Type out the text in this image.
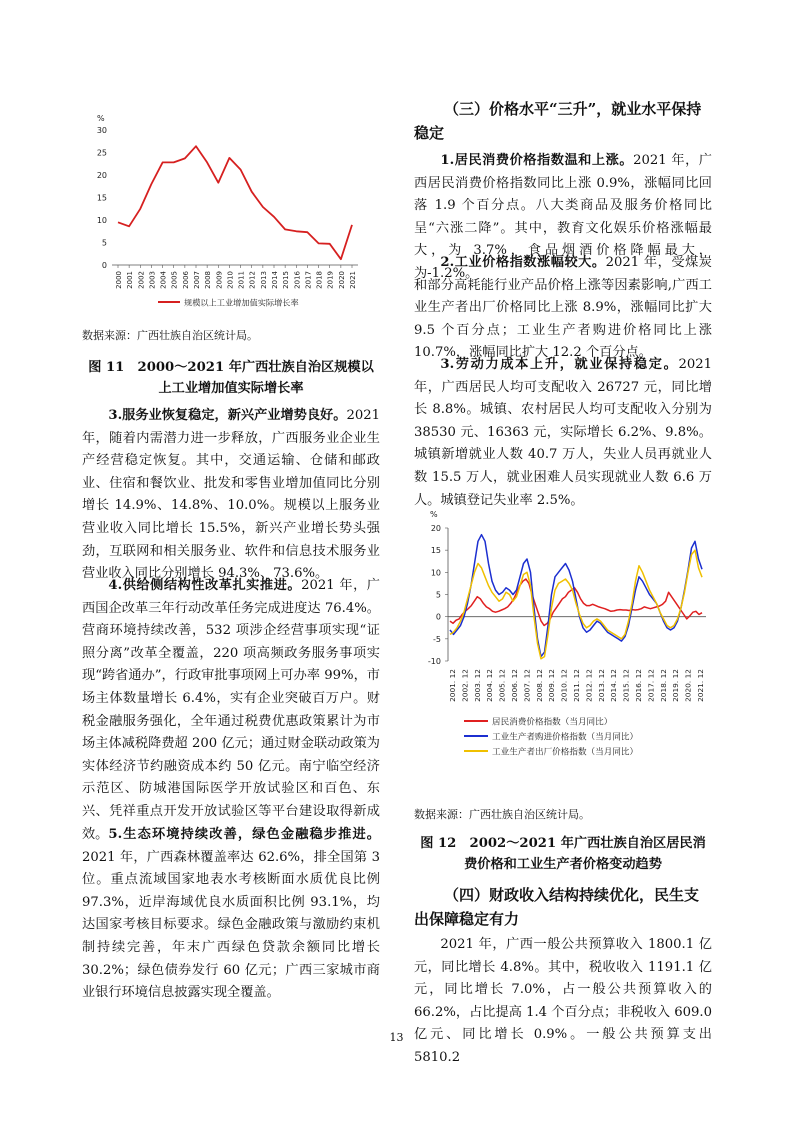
%
0
5
10
15
20
25
30
2000 2001 2002 2003 2004 2005 2006 2007 2008 2009 2010 2011 2012 2013 2014 2015 2016 2017 2018 2019 2020 2021
规模以上工业增加值实际增长率

数据来源：广西壮族自治区统计局。

图 11　2000～2021 年广西壮族自治区规模以上工业增加值实际增长率

3.服务业恢复稳定，新兴产业增势良好。2021 年，随着内需潜力进一步释放，广西服务业企业生产经营稳定恢复。其中，交通运输、仓储和邮政业、住宿和餐饮业、批发和零售业增加值同比分别增长 14.9%、14.8%、10.0%。规模以上服务业营业收入同比增长 15.5%，新兴产业增长势头强劲，互联网和相关服务业、软件和信息技术服务业营业收入同比分别增长 94.3%、73.6%。

4.供给侧结构性改革扎实推进。2021 年，广西国企改革三年行动改革任务完成进度达 76.4%。营商环境持续改善，532 项涉企经营事项实现“证照分离”改革全覆盖，220 项高频政务服务事项实现“跨省通办”，行政审批事项网上可办率 99%，市场主体数量增长 6.4%，实有企业突破百万户。财税金融服务强化，全年通过税费优惠政策累计为市场主体减税降费超 200 亿元；通过财金联动政策为实体经济节约融资成本约 50 亿元。南宁临空经济示范区、防城港国际医学开放试验区和百色、东兴、凭祥重点开发开放试验区等平台建设取得新成效。 5.生态环境持续改善，绿色金融稳步推进。2021 年，广西森林覆盖率达 62.6%，排全国第 3 位。重点流域国家地表水考核断面水质优良比例 97.3%，近岸海域优良水质面积比例 93.1%，均达国家考核目标要求。绿色金融政策与激励约束机制持续完善，年末广西绿色贷款余额同比增长 30.2%；绿色债券发行 60 亿元；广西三家城市商业银行环境信息披露实现全覆盖。

（三）价格水平“三升”，就业水平保持稳定

1.居民消费价格指数温和上涨。2021 年，广西居民消费价格指数同比上涨 0.9%，涨幅同比回落 1.9 个百分点。八大类商品及服务价格同比呈“六涨二降”。其中，教育文化娱乐价格涨幅最大，为 3.7%，食品烟酒价格降幅最大，为-1.2%。

2.工业价格指数涨幅较大。2021 年，受煤炭和部分高耗能行业产品价格上涨等因素影响,广西工业生产者出厂价格同比上涨 8.9%，涨幅同比扩大 9.5 个百分点；工业生产者购进价格同比上涨 10.7%，涨幅同比扩大 12.2 个百分点。

3.劳动力成本上升，就业保持稳定。2021 年，广西居民人均可支配收入 26727 元，同比增长 8.8%。城镇、农村居民人均可支配收入分别为 38530 元、16363 元，实际增长 6.2%、9.8%。城镇新增就业人数 40.7 万人，失业人员再就业人数 15.5 万人，就业困难人员实现就业人数 6.6 万人。城镇登记失业率 2.5%。

%
-10
-5
0
5
10
15
20
2001. 12 2002. 12 2003. 12 2004. 12 2005. 12 2006. 12 2007. 12 2008. 12 2009. 12 2010. 12 2011. 12 2012. 12 2013. 12 2014. 12 2015. 12 2016. 12 2017. 12 2018. 12 2019. 12 2020. 12 2021. 12
居民消费价格指数（当月同比）
工业生产者购进价格指数（当月同比）
工业生产者出厂价格指数（当月同比）

数据来源：广西壮族自治区统计局。

图 12　2002～2021 年广西壮族自治区居民消费价格和工业生产者价格变动趋势

（四）财政收入结构持续优化，民生支出保障稳定有力

2021 年，广西一般公共预算收入 1800.1 亿元，同比增长 4.8%。其中，税收收入 1191.1 亿元，同比增长 7.0%，占一般公共预算收入的 66.2%，占比提高 1.4 个百分点；非税收入 609.0 亿元、同比增长 0.9%。一般公共预算支出 5810.2

13
